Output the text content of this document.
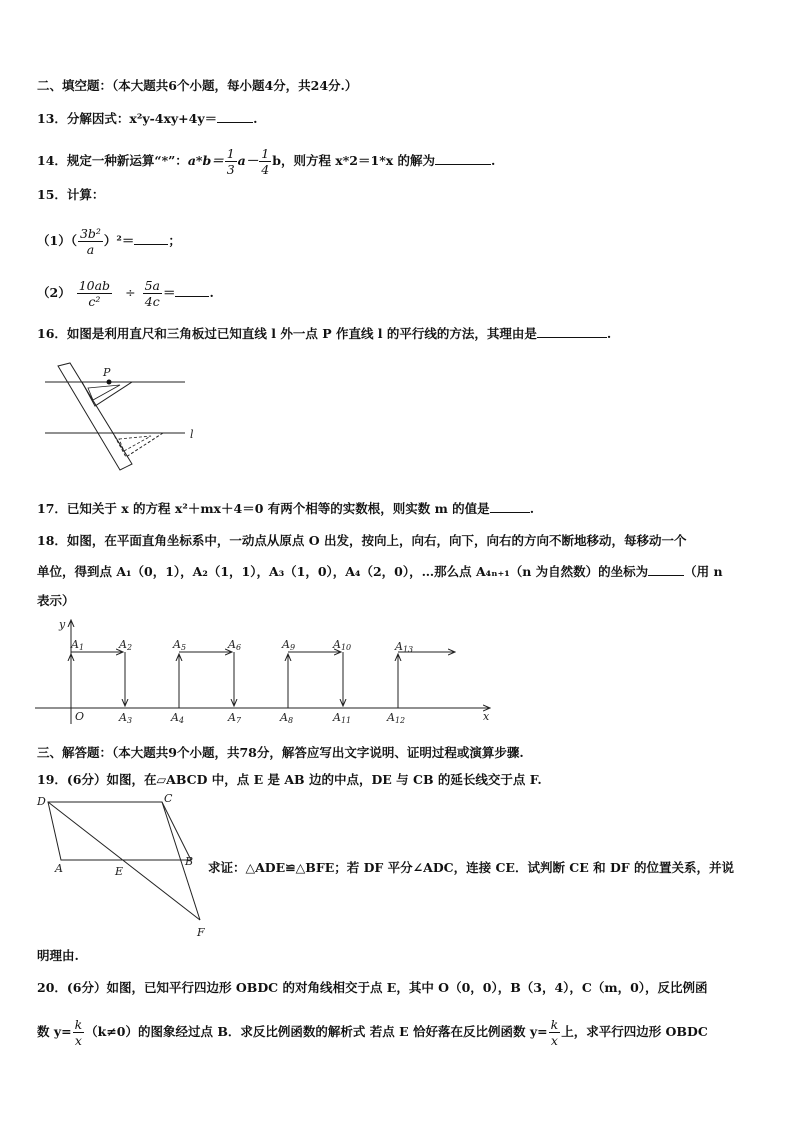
二、填空题：（本大题共6个小题，每小题4分，共24分.）
13．分解因式：x²y-4xy+4y＝	.
14．规定一种新运算“*”：$a*b= \frac{1}{3} a- \frac{1}{4}$ b，则方程 x*2＝1*x 的解为	.
15．计算：
$(1)( \frac{\text{3b²}}{a} )^2=$	；
$(2) \frac{10ab}{\text{c²}} \div \frac{5a}{4c}$ ＝	.
16．如图是利用直尺和三角板过已知直线 l 外一点 P 作直线 l 的平行线的方法，其理由是	.
P
l
17．已知关于 x 的方程 x²＋mx＋4＝0 有两个相等的实数根，则实数 m 的值是	.
18．如图，在平面直角坐标系中，一动点从原点 O 出发，按向上，向右，向下，向右的方向不断地移动，每移动一个
单位，得到点 A₁（0，1），A₂（1，1），A₃（1，0），A₄（2，0），…那么点 A₄ₙ₊₁（n 为自然数）的坐标为	（用 n
表示）
y
x
O
A1	A2	A5	A6	A9	A10	A13
A3	A4	A7	A8	A11	A12
三、解答题：（本大题共9个小题，共78分，解答应写出文字说明、证明过程或演算步骤.
19．(6分）如图，在▱ABCD 中，点 E 是 AB 边的中点，DE 与 CB 的延长线交于点 F.
D	C
A	E
B
F
求证：△ADE≌△BFE；若 DF 平分∠ADC，连接 CE．试判断 CE 和 DF 的位置关系，并说
明理由.
20．(6分）如图，已知平行四边形 OBDC 的对角线相交于点 E，其中 O（0，0），B（3，4），C（m，0），反比例函
数 $y= \frac{k}{x} (k\ne 0)$的图象经过点 B．求反比例函数的解析式 若点 E 恰好落在反比例函数 $y= \frac{k}{x}$ 上，求平行四边形 OBDC
